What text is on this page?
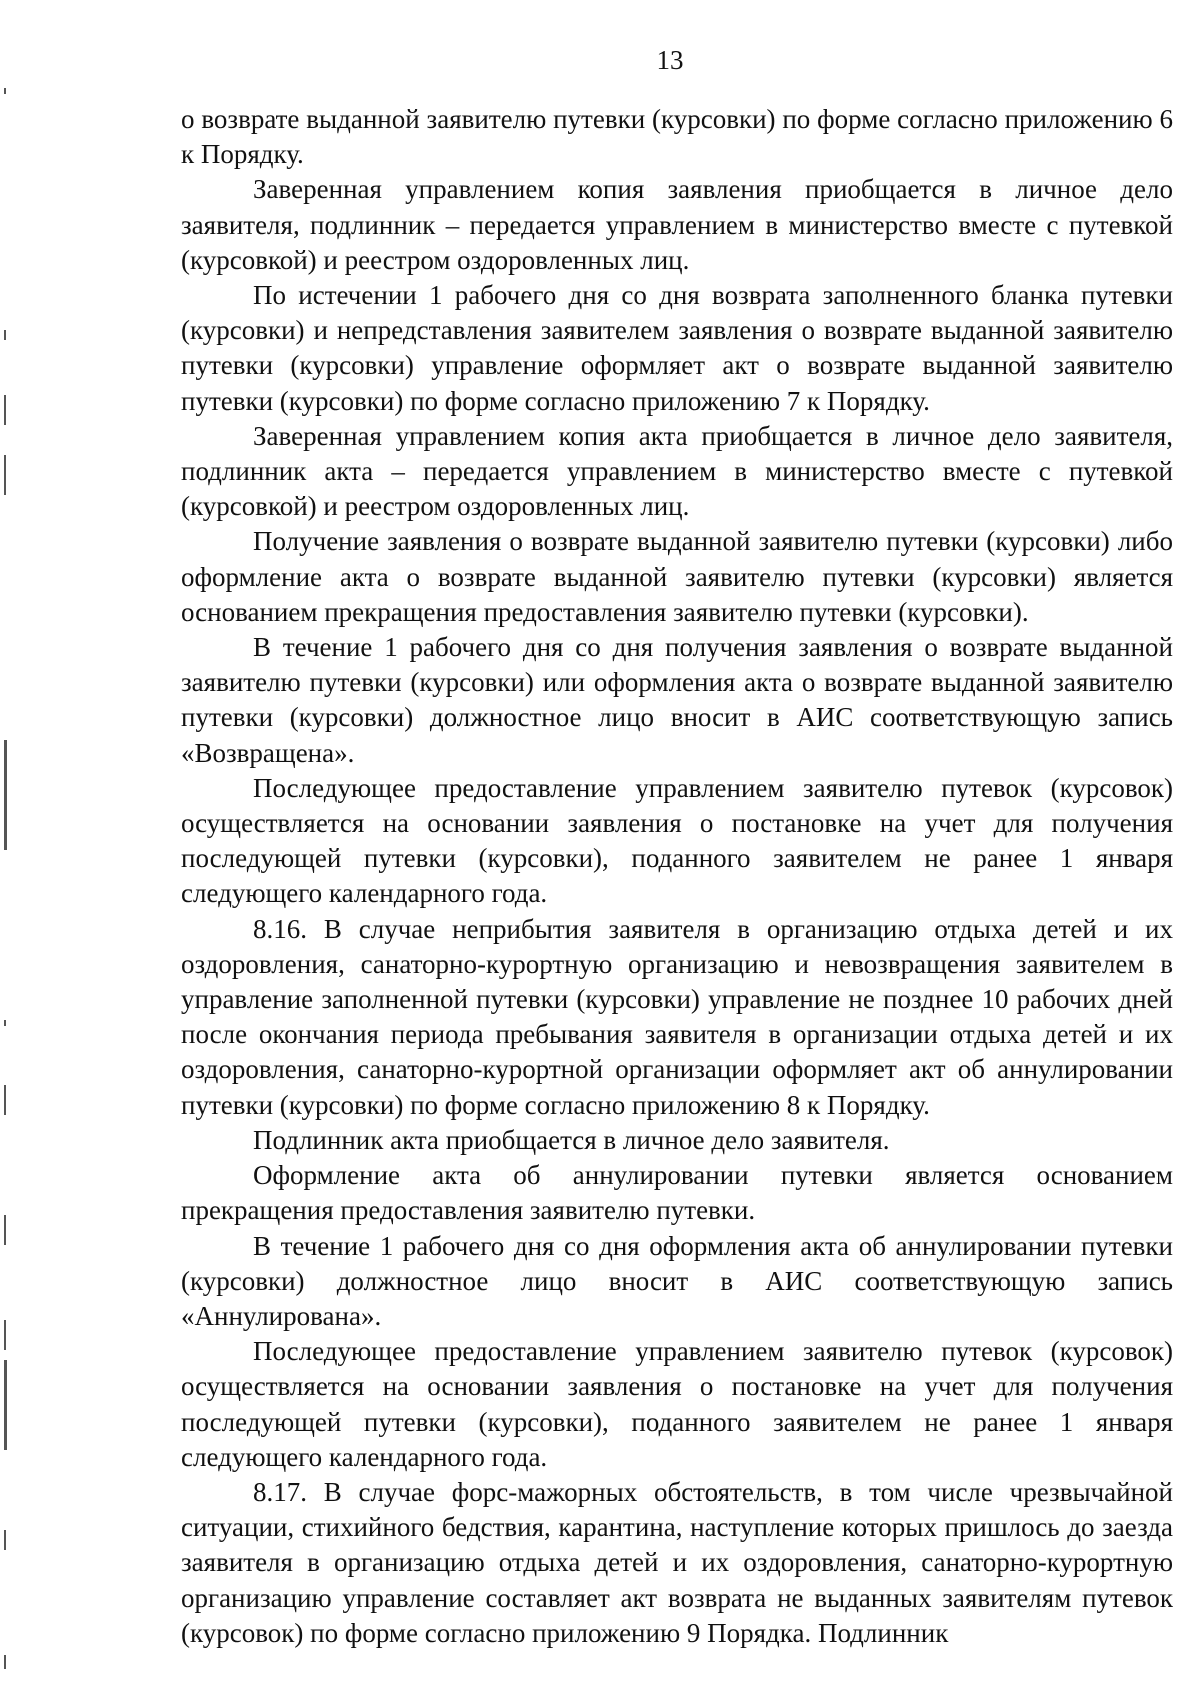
13

о возврате выданной заявителю путевки (курсовки) по форме согласно приложению 6 к Порядку.

Заверенная управлением копия заявления приобщается в личное дело заявителя, подлинник – передается управлением в министерство вместе с путевкой (курсовкой) и реестром оздоровленных лиц.

По истечении 1 рабочего дня со дня возврата заполненного бланка путевки (курсовки) и непредставления заявителем заявления о возврате выданной заявителю путевки (курсовки) управление оформляет акт о возврате выданной заявителю путевки (курсовки) по форме согласно приложению 7 к Порядку.

Заверенная управлением копия акта приобщается в личное дело заявителя, подлинник акта – передается управлением в министерство вместе с путевкой (курсовкой) и реестром оздоровленных лиц.

Получение заявления о возврате выданной заявителю путевки (курсовки) либо оформление акта о возврате выданной заявителю путевки (курсовки) является основанием прекращения предоставления заявителю путевки (курсовки).

В течение 1 рабочего дня со дня получения заявления о возврате выданной заявителю путевки (курсовки) или оформления акта о возврате выданной заявителю путевки (курсовки) должностное лицо вносит в АИС соответствующую запись «Возвращена».

Последующее предоставление управлением заявителю путевок (курсовок) осуществляется на основании заявления о постановке на учет для получения последующей путевки (курсовки), поданного заявителем не ранее 1 января следующего календарного года.

8.16. В случае неприбытия заявителя в организацию отдыха детей и их оздоровления, санаторно-курортную организацию и невозвращения заявителем в управление заполненной путевки (курсовки) управление не позднее 10 рабочих дней после окончания периода пребывания заявителя в организации отдыха детей и их оздоровления, санаторно-курортной организации оформляет акт об аннулировании путевки (курсовки) по форме согласно приложению 8 к Порядку.

Подлинник акта приобщается в личное дело заявителя.

Оформление акта об аннулировании путевки является основанием прекращения предоставления заявителю путевки.

В течение 1 рабочего дня со дня оформления акта об аннулировании путевки (курсовки) должностное лицо вносит в АИС соответствующую запись «Аннулирована».

Последующее предоставление управлением заявителю путевок (курсовок) осуществляется на основании заявления о постановке на учет для получения последующей путевки (курсовки), поданного заявителем не ранее 1 января следующего календарного года.

8.17. В случае форс-мажорных обстоятельств, в том числе чрезвычайной ситуации, стихийного бедствия, карантина, наступление которых пришлось до заезда заявителя в организацию отдыха детей и их оздоровления, санаторно-курортную организацию управление составляет акт возврата не выданных заявителям путевок (курсовок) по форме согласно приложению 9 Порядка. Подлинник
